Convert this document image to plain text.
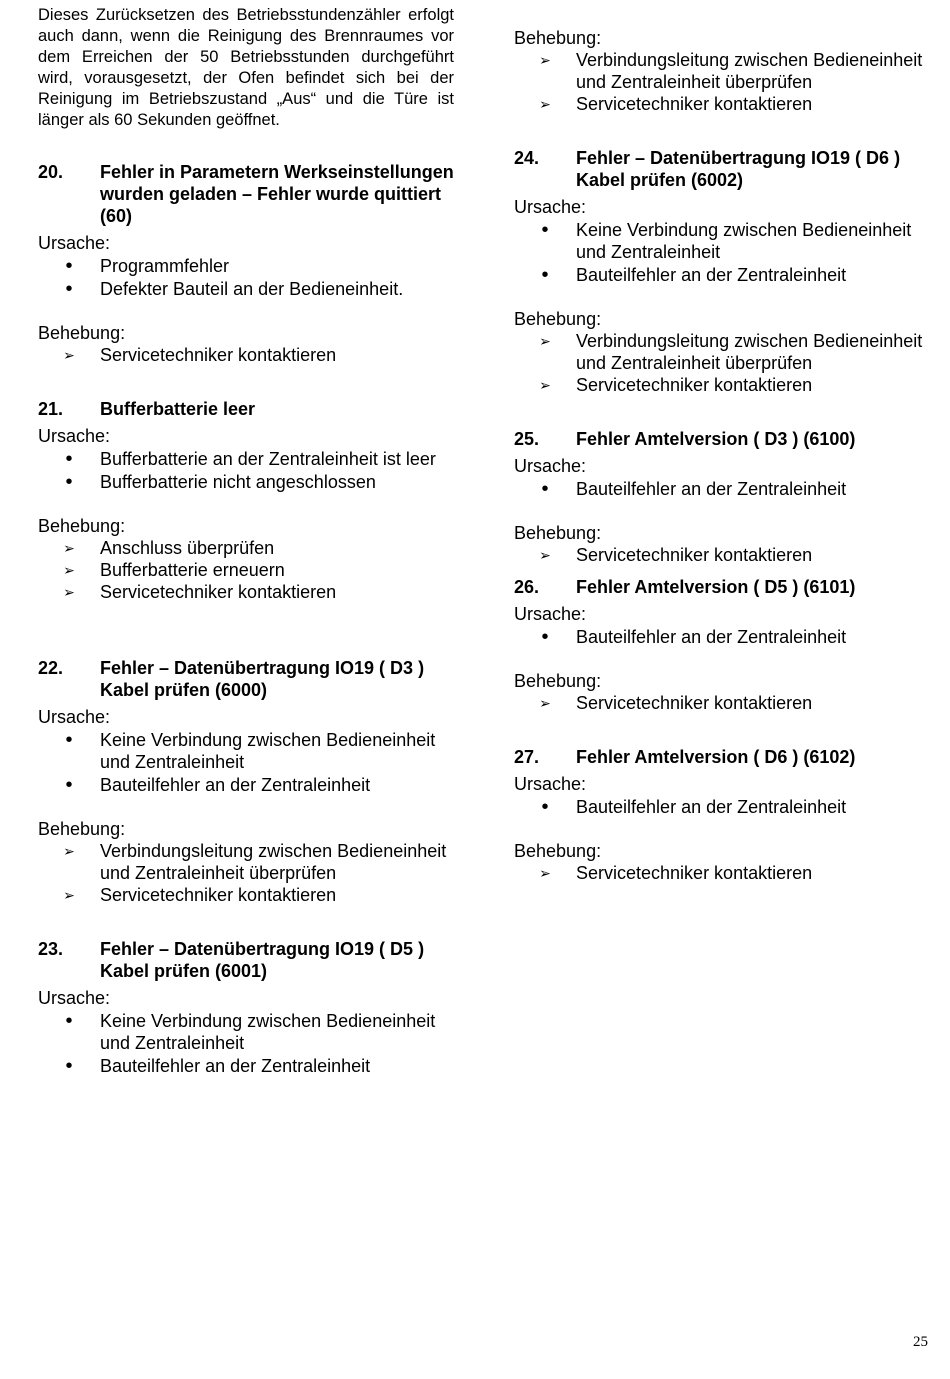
Dieses Zurücksetzen des Betriebsstundenzähler erfolgt auch dann, wenn die Reinigung des Brennraumes vor dem Erreichen der 50 Betriebsstunden durchgeführt wird, vorausgesetzt, der Ofen befindet sich bei der Reinigung im Betriebszustand „Aus“ und die Türe ist länger als 60 Sekunden geöffnet.

20.	Fehler in Parametern Werkseinstellungen wurden geladen – Fehler wurde quittiert (60)
Ursache:
•
Programmfehler
•
Defekter Bauteil an der Bedieneinheit.
Behebung:
➢
Servicetechniker kontaktieren
21.	Bufferbatterie leer
Ursache:
•
Bufferbatterie an der Zentraleinheit ist leer
•
Bufferbatterie nicht angeschlossen
Behebung:
➢
Anschluss überprüfen
➢
Bufferbatterie erneuern
➢
Servicetechniker kontaktieren
22.	Fehler – Datenübertragung IO19 ( D3 ) Kabel prüfen (6000)
Ursache:
•
Keine Verbindung zwischen Bedieneinheit und Zentraleinheit
•
Bauteilfehler an der Zentraleinheit
Behebung:
➢
Verbindungsleitung zwischen Bedieneinheit und Zentraleinheit überprüfen
➢
Servicetechniker kontaktieren
23.	Fehler – Datenübertragung IO19 ( D5 ) Kabel prüfen (6001)
Ursache:
•
Keine Verbindung zwischen Bedieneinheit und Zentraleinheit
•
Bauteilfehler an der Zentraleinheit
Behebung:
➢
Verbindungsleitung zwischen Bedieneinheit und Zentraleinheit überprüfen
➢
Servicetechniker kontaktieren
24.	Fehler – Datenübertragung IO19 ( D6 ) Kabel prüfen (6002)
Ursache:
•
Keine Verbindung zwischen Bedieneinheit und Zentraleinheit
•
Bauteilfehler an der Zentraleinheit
Behebung:
➢
Verbindungsleitung zwischen Bedieneinheit und Zentraleinheit überprüfen
➢
Servicetechniker kontaktieren
25.	Fehler Amtelversion ( D3 ) (6100)
Ursache:
•
Bauteilfehler an der Zentraleinheit
Behebung:
➢
Servicetechniker kontaktieren
26.	Fehler Amtelversion ( D5 ) (6101)
Ursache:
•
Bauteilfehler an der Zentraleinheit
Behebung:
➢
Servicetechniker kontaktieren
27.	Fehler Amtelversion ( D6 ) (6102)
Ursache:
•
Bauteilfehler an der Zentraleinheit
Behebung:
➢
Servicetechniker kontaktieren
25
